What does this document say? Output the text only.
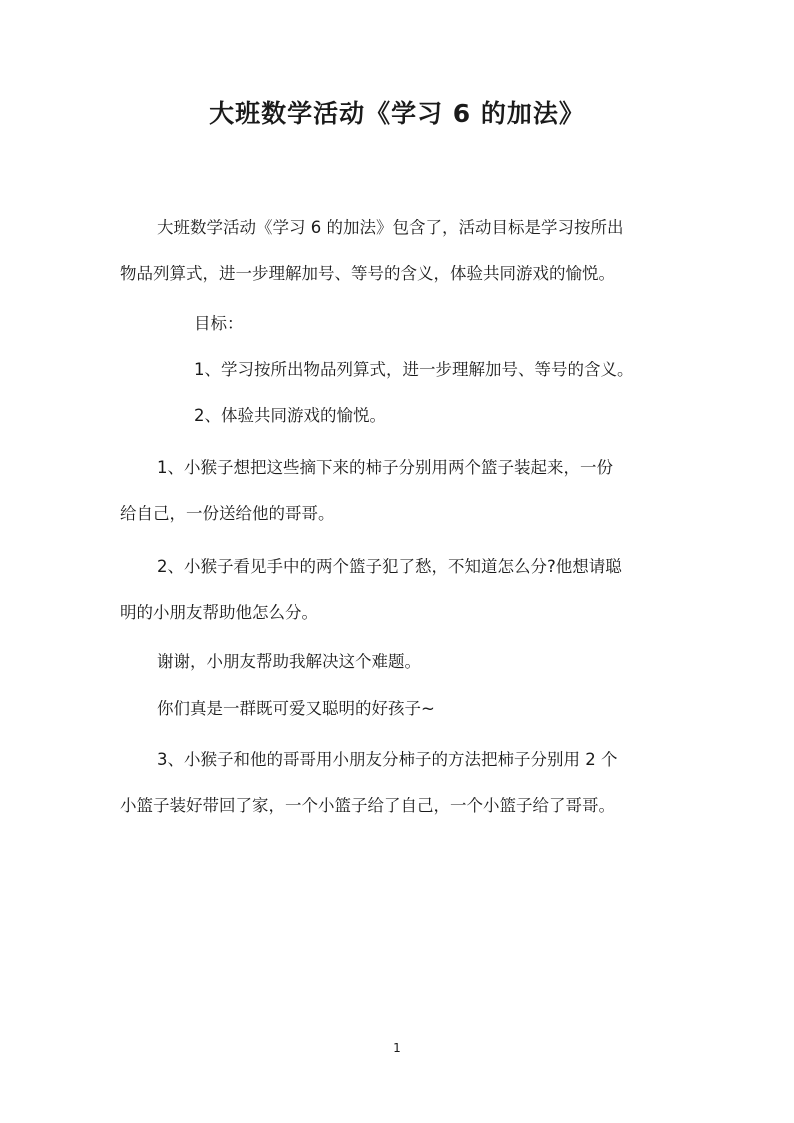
大班数学活动《学习 6 的加法》
大班数学活动《学习 6 的加法》包含了，活动目标是学习按所出
物品列算式，进一步理解加号、等号的含义，体验共同游戏的愉悦。
目标：
1、学习按所出物品列算式，进一步理解加号、等号的含义。
2、体验共同游戏的愉悦。
1、小猴子想把这些摘下来的柿子分别用两个篮子装起来，一份
给自己，一份送给他的哥哥。
2、小猴子看见手中的两个篮子犯了愁，不知道怎么分?他想请聪
明的小朋友帮助他怎么分。
谢谢，小朋友帮助我解决这个难题。
你们真是一群既可爱又聪明的好孩子~
3、小猴子和他的哥哥用小朋友分柿子的方法把柿子分别用 2 个
小篮子装好带回了家，一个小篮子给了自己，一个小篮子给了哥哥。
1
